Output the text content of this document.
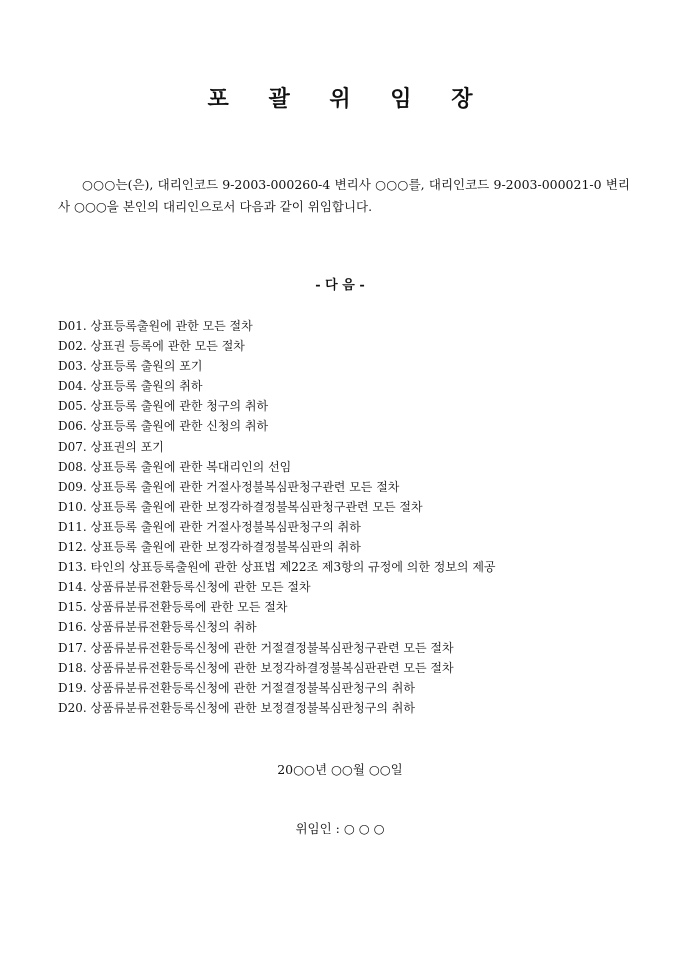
포 괄 위 임 장
○○○는(은), 대리인코드 9-2003-000260-4 변리사 ○○○를, 대리인코드 9-2003-000021-0 변리사 ○○○을 본인의 대리인으로서 다음과 같이 위임합니다.
- 다 음 -
D01. 상표등록출원에 관한 모든 절차
D02. 상표권 등록에 관한 모든 절차
D03. 상표등록 출원의 포기
D04. 상표등록 출원의 취하
D05. 상표등록 출원에 관한 청구의 취하
D06. 상표등록 출원에 관한 신청의 취하
D07. 상표권의 포기
D08. 상표등록 출원에 관한 복대리인의 선임
D09. 상표등록 출원에 관한 거절사정불복심판청구관련 모든 절차
D10. 상표등록 출원에 관한 보정각하결정불복심판청구관련 모든 절차
D11. 상표등록 출원에 관한 거절사정불복심판청구의 취하
D12. 상표등록 출원에 관한 보정각하결정불복심판의 취하
D13. 타인의 상표등록출원에 관한 상표법 제22조 제3항의 규정에 의한 정보의 제공
D14. 상품류분류전환등록신청에 관한 모든 절차
D15. 상품류분류전환등록에 관한 모든 절차
D16. 상품류분류전환등록신청의 취하
D17. 상품류분류전환등록신청에 관한 거절결정불복심판청구관련 모든 절차
D18. 상품류분류전환등록신청에 관한 보정각하결정불복심판관련 모든 절차
D19. 상품류분류전환등록신청에 관한 거절결정불복심판청구의 취하
D20. 상품류분류전환등록신청에 관한 보정결정불복심판청구의 취하
20○○년 ○○월 ○○일
위임인 : ○ ○ ○
